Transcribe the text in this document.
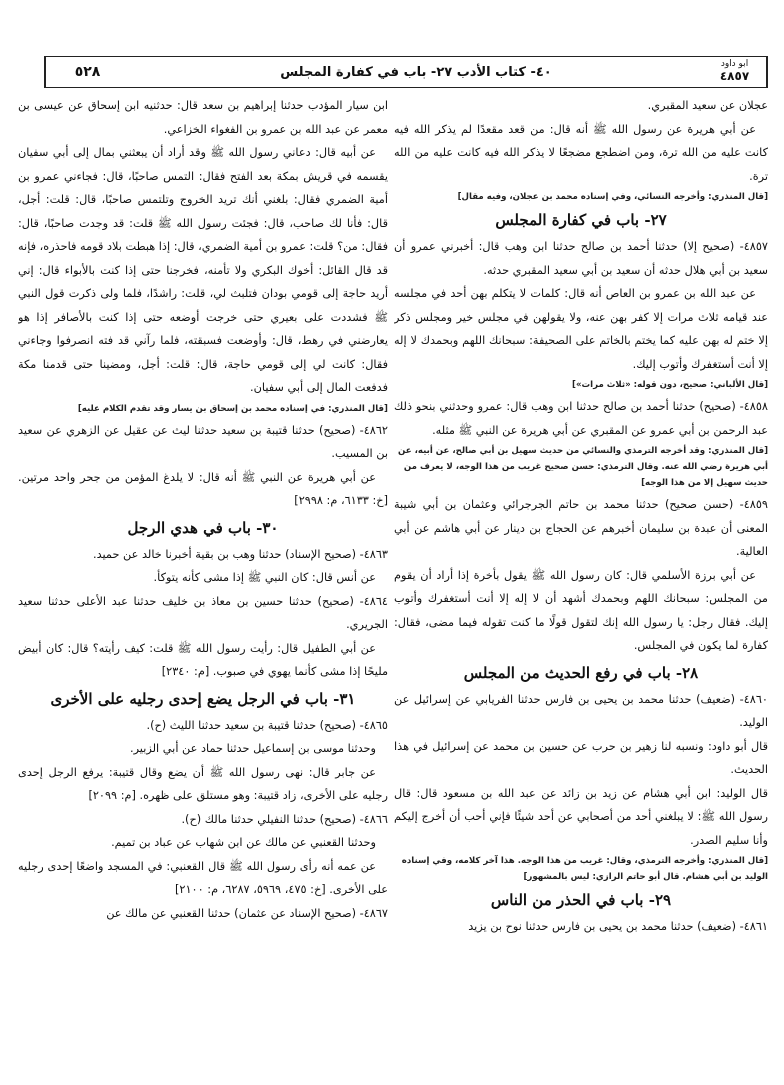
ابو داود
٤٨٥٧
٤٠- كتاب الأدب ٢٧- باب في كفارة المجلس
٥٢٨

عجلان عن سعيد المقبري.

عن أبي هريرة عن رسول الله ﷺ أنه قال: من قعد مقعدًا لم يذكر الله فيه كانت عليه من الله ترة، ومن اضطجع مضجعًا لا يذكر الله فيه كانت عليه من الله ترة.

[قال المنذري: وأخرجه النسائي، وفي إسناده محمد بن عجلان، وفيه مقال]

٢٧- باب في كفارة المجلس

٤٨٥٧- (صحيح إلا) حدثنا أحمد بن صالح حدثنا ابن وهب قال: أخبرني عمرو أن سعيد بن أبي هلال حدثه أن سعيد بن أبي سعيد المقبري حدثه.

عن عبد الله بن عمرو بن العاص أنه قال: كلمات لا يتكلم بهن أحد في مجلسه عند قيامه ثلاث مرات إلا كفر بهن عنه، ولا يقولهن في مجلس خير ومجلس ذكر إلا ختم له بهن عليه كما يختم بالخاتم على الصحيفة: سبحانك اللهم وبحمدك لا إله إلا أنت أستغفرك وأتوب إليك.

[قال الألباني: صحيح، دون قوله: «ثلاث مرات»]

٤٨٥٨- (صحيح) حدثنا أحمد بن صالح حدثنا ابن وهب قال: عمرو وحدثني بنحو ذلك عبد الرحمن بن أبي عمرو عن المقبري عن أبي هريرة عن النبي ﷺ مثله.

[قال المنذري: وقد أخرجه الترمذي والنسائي من حديث سهيل بن أبي صالح، عن أبيه، عن أبي هريرة رضي الله عنه. وقال الترمذي: حسن صحيح غريب من هذا الوجه، لا يعرف من حديث سهيل إلا من هذا الوجه]

٤٨٥٩- (حسن صحيح) حدثنا محمد بن حاتم الجرجرائي وعثمان بن أبي شيبة المعنى أن عبدة بن سليمان أخبرهم عن الحجاج بن دينار عن أبي هاشم عن أبي العالية.

عن أبي برزة الأسلمي قال: كان رسول الله ﷺ يقول بأخرة إذا أراد أن يقوم من المجلس: سبحانك اللهم وبحمدك أشهد أن لا إله إلا أنت أستغفرك وأتوب إليك. فقال رجل: يا رسول الله إنك لتقول قولًا ما كنت تقوله فيما مضى، فقال: كفارة لما يكون في المجلس.

٢٨- باب في رفع الحديث من المجلس

٤٨٦٠- (ضعيف) حدثنا محمد بن يحيى بن فارس حدثنا الفريابي عن إسرائيل عن الوليد.

قال أبو داود: ونسبه لنا زهير بن حرب عن حسين بن محمد عن إسرائيل في هذا الحديث.

قال الوليد: ابن أبي هشام عن زيد بن زائد عن عبد الله بن مسعود قال: قال رسول الله ﷺ: لا يبلغني أحد من أصحابي عن أحد شيئًا فإني أحب أن أخرج إليكم وأنا سليم الصدر.

[قال المنذري: وأخرجه الترمذي، وقال: غريب من هذا الوجه. هذا آخر كلامه، وفي إسناده الوليد بن أبي هشام. قال أبو حاتم الرازي: ليس بالمشهور]

٢٩- باب في الحذر من الناس

٤٨٦١- (ضعيف) حدثنا محمد بن يحيى بن فارس حدثنا نوح بن يزيد

ابن سيار المؤدب حدثنا إبراهيم بن سعد قال: حدثنيه ابن إسحاق عن عيسى بن معمر عن عبد الله بن عمرو بن الفغواء الخزاعي.

عن أبيه قال: دعاني رسول الله ﷺ وقد أراد أن يبعثني بمال إلى أبي سفيان يقسمه في قريش بمكة بعد الفتح فقال: التمس صاحبًا، قال: فجاءني عمرو بن أمية الضمري فقال: بلغني أنك تريد الخروج وتلتمس صاحبًا، قال: قلت: أجل، قال: فأنا لك صاحب، قال: فجئت رسول الله ﷺ قلت: قد وجدت صاحبًا، قال: فقال: من؟ قلت: عمرو بن أمية الضمري، قال: إذا هبطت بلاد قومه فاحذره، فإنه قد قال القائل: أخوك البكري ولا تأمنه، فخرجنا حتى إذا كنت بالأبواء قال: إني أريد حاجة إلى قومي بودان فتلبث لي، قلت: راشدًا، فلما ولى ذكرت قول النبي ﷺ فشددت على بعيري حتى خرجت أوضعه حتى إذا كنت بالأصافر إذا هو يعارضني في رهط، قال: وأوضعت فسبقته، فلما رآني قد فته انصرفوا وجاءني فقال: كانت لي إلى قومي حاجة، قال: قلت: أجل، ومضينا حتى قدمنا مكة فدفعت المال إلى أبي سفيان.

[قال المنذري: في إسناده محمد بن إسحاق بن يسار وقد تقدم الكلام عليه]

٤٨٦٢- (صحيح) حدثنا قتيبة بن سعيد حدثنا ليث عن عقيل عن الزهري عن سعيد بن المسيب.

عن أبي هريرة عن النبي ﷺ أنه قال: لا يلدغ المؤمن من جحر واحد مرتين. [خ: ٦١٣٣، م: ٢٩٩٨]

٣٠- باب في هدي الرجل

٤٨٦٣- (صحيح الإسناد) حدثنا وهب بن بقية أخبرنا خالد عن حميد.

عن أنس قال: كان النبي ﷺ إذا مشى كأنه يتوكأ.

٤٨٦٤- (صحيح) حدثنا حسين بن معاذ بن خليف حدثنا عبد الأعلى حدثنا سعيد الجريري.

عن أبي الطفيل قال: رأيت رسول الله ﷺ قلت: كيف رأيته؟ قال: كان أبيض مليحًا إذا مشى كأنما يهوي في صبوب. [م: ٢٣٤٠]

٣١- باب في الرجل يضع إحدى رجليه على الأخرى

٤٨٦٥- (صحيح) حدثنا قتيبة بن سعيد حدثنا الليث (ح).

وحدثنا موسى بن إسماعيل حدثنا حماد عن أبي الزبير.

عن جابر قال: نهى رسول الله ﷺ أن يضع وقال قتيبة: يرفع الرجل إحدى رجليه على الأخرى، زاد قتيبة: وهو مستلق على ظهره. [م: ٢٠٩٩]

٤٨٦٦- (صحيح) حدثنا النفيلي حدثنا مالك (ح).

وحدثنا القعنبي عن مالك عن ابن شهاب عن عباد بن تميم.

عن عمه أنه رأى رسول الله ﷺ قال القعنبي: في المسجد واضعًا إحدى رجليه على الأخرى. [خ: ٤٧٥، ٥٩٦٩، ٦٢٨٧، م: ٢١٠٠]

٤٨٦٧- (صحيح الإسناد عن عثمان) حدثنا القعنبي عن مالك عن
